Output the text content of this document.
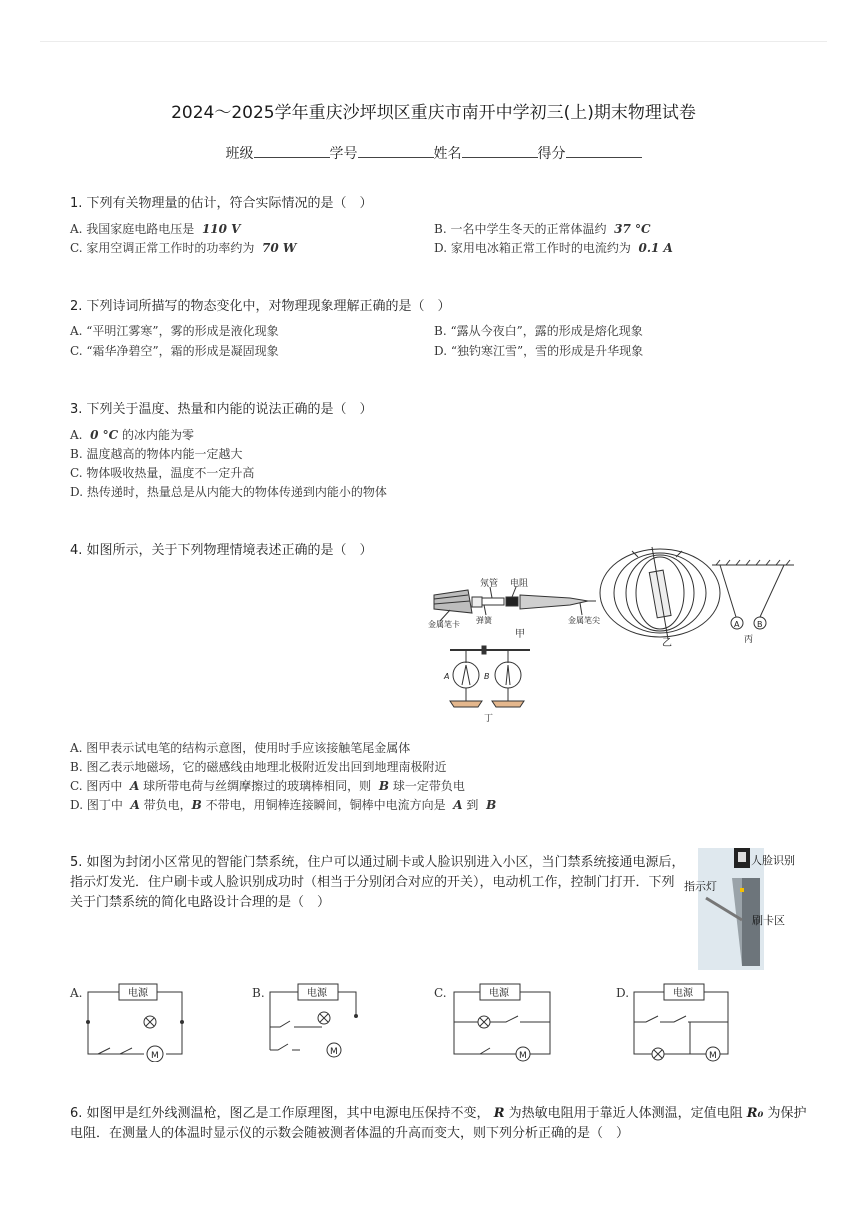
2024～2025学年重庆沙坪坝区重庆市南开中学初三(上)期末物理试卷
班级	学号	姓名	得分
1. 下列有关物理量的估计，符合实际情况的是（　）
A. 我国家庭电路电压是 110 V	B. 一名中学生冬天的正常体温约 37 °C
C. 家用空调正常工作时的功率约为 70 W	D. 家用电冰箱正常工作时的电流约为 0.1 A
2. 下列诗词所描写的物态变化中，对物理现象理解正确的是（　）
A. “平明江雾寒”，雾的形成是液化现象	B. “露从今夜白”，露的形成是熔化现象
C. “霜华净碧空”，霜的形成是凝固现象	D. “独钓寒江雪”，雪的形成是升华现象
3. 下列关于温度、热量和内能的说法正确的是（　）
A. 0 °C 的冰内能为零
B. 温度越高的物体内能一定越大
C. 物体吸收热量，温度不一定升高
D. 热传递时，热量总是从内能大的物体传递到内能小的物体
4. 如图所示，关于下列物理情境表述正确的是（　）
氖管 电阻
金属笔卡 弹簧	金属笔尖
甲
乙
A B
丙
A	B
丁
A. 图甲表示试电笔的结构示意图，使用时手应该接触笔尾金属体
B. 图乙表示地磁场，它的磁感线由地理北极附近发出回到地理南极附近
C. 图丙中 A 球所带电荷与丝绸摩擦过的玻璃棒相同，则 B 球一定带负电
D. 图丁中 A 带负电，B 不带电，用铜棒连接瞬间，铜棒中电流方向是 A 到 B
5. 如图为封闭小区常见的智能门禁系统，住户可以通过刷卡或人脸识别进入小区，当门禁系统接通电源后，
指示灯发光．住户刷卡或人脸识别成功时（相当于分别闭合对应的开关），电动机工作，控制门打开．下列
关于门禁系统的简化电路设计合理的是（　）
人脸识别
指示灯
刷卡区
A.	电源
M
B.	电源
M
C.	电源
M
D.	电源
M
6. 如图甲是红外线测温枪，图乙是工作原理图，其中电源电压保持不变， R 为热敏电阻用于靠近人体测温，定值电阻 R₀ 为保护
电阻．在测量人的体温时显示仪的示数会随被测者体温的升高而变大，则下列分析正确的是（　）
